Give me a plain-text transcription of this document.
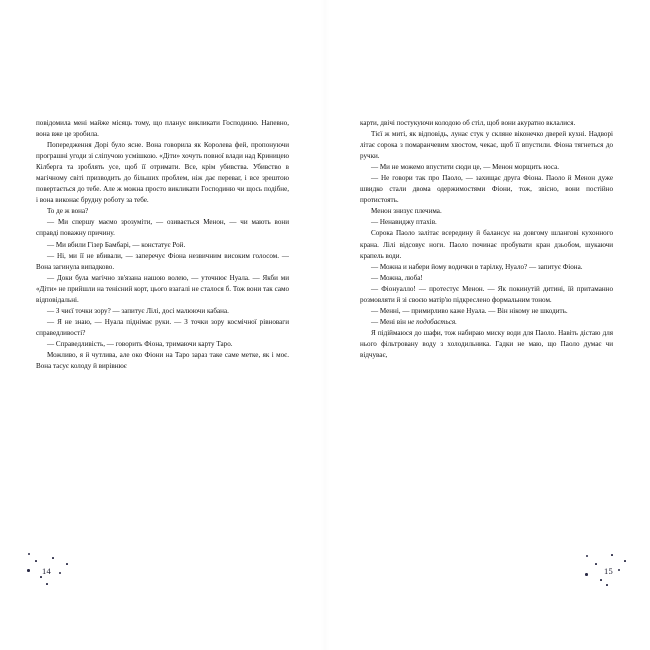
повідомила мені майже місяць тому, що планує викликати Господиню. Напевно, вона вже це зробила.

Попередження Дорі було ясне. Вона говорила як Королева фей, пропонуючи програшні угоди зі сліпучою усмішкою. «Діти» хочуть повної влади над Криницею Кілберга та зроблять усе, щоб її отримати. Все, крім убивства. Убивство в магічному світі призводить до більших проблем, ніж дає переваг, і все зрештою повертається до тебе. Але ж можна просто викликати Господиню чи щось подібне, і вона виконає брудну роботу за тебе.

То де ж вона?

— Ми спершу маємо зрозуміти, — озивається Менон, — чи мають вони справді поважну причину.

— Ми вбили Гізер Бамбарі, — констатує Рой.

— Ні, ми її не вбивали, — заперечує Фіона незвичним високим голосом. — Вона загинула випадково.

— Доки була магічно зв'язана нашою волею, — уточнює Нуала. — Якби ми «Діти» не прийшли на тенісний корт, цього взагалі не сталося б. Тож вони так само відповідальні.

— З чиєї точки зору? — запитує Лілі, досі малюючи кабана.

— Я не знаю, — Нуала піднімає руки. — З точки зору космічної рівноваги справедливості?

— Справедливість, — говорить Фіона, тримаючи карту Таро.

Можливо, я й чутлива, але око Фіони на Таро зараз таке саме метке, як і моє. Вона тасує колоду й вирівнює

карти, двічі постукуючи колодою об стіл, щоб вони акуратно вклалися.

Тієї ж миті, як відповідь, лунає стук у скляне віконечко дверей кухні. Надворі літає сорока з помаранчевим хвостом, чекає, щоб її впустили. Фіона тягнеться до ручки.

— Ми не можемо впустити сюди це, — Менон морщить носа.

— Не говори так про Паоло, — захищає друга Фіона. Паоло й Менон дуже швидко стали двома одержимостями Фіони, тож, звісно, вони постійно протистоять.

Менон знизує плечима.

— Ненавиджу птахів.

Сорока Паоло залітає всередину й балансує на довгому шлангові кухонного крана. Лілі відсовує ноги. Паоло починає пробувати кран дзьобом, шукаючи крапель води.

— Можна и набери йому водички в тарілку, Нуало? — запитує Фіона.

— Можна, люба!

— Фіонуалло! — протестує Менон. — Як покинутій дитині, їй притаманно розмовляти й зі своєю матір'ю підкреслено формальним тоном.

— Менні, — примирливо каже Нуала. — Він нікому не шкодить.

— Мені він не подобається.

Я підіймаюся до шафи, тож набираю миску води для Паоло. Навіть дістаю для нього фільтровану воду з холодильника. Гадки не маю, що Паоло думає чи відчуває,

14	15
